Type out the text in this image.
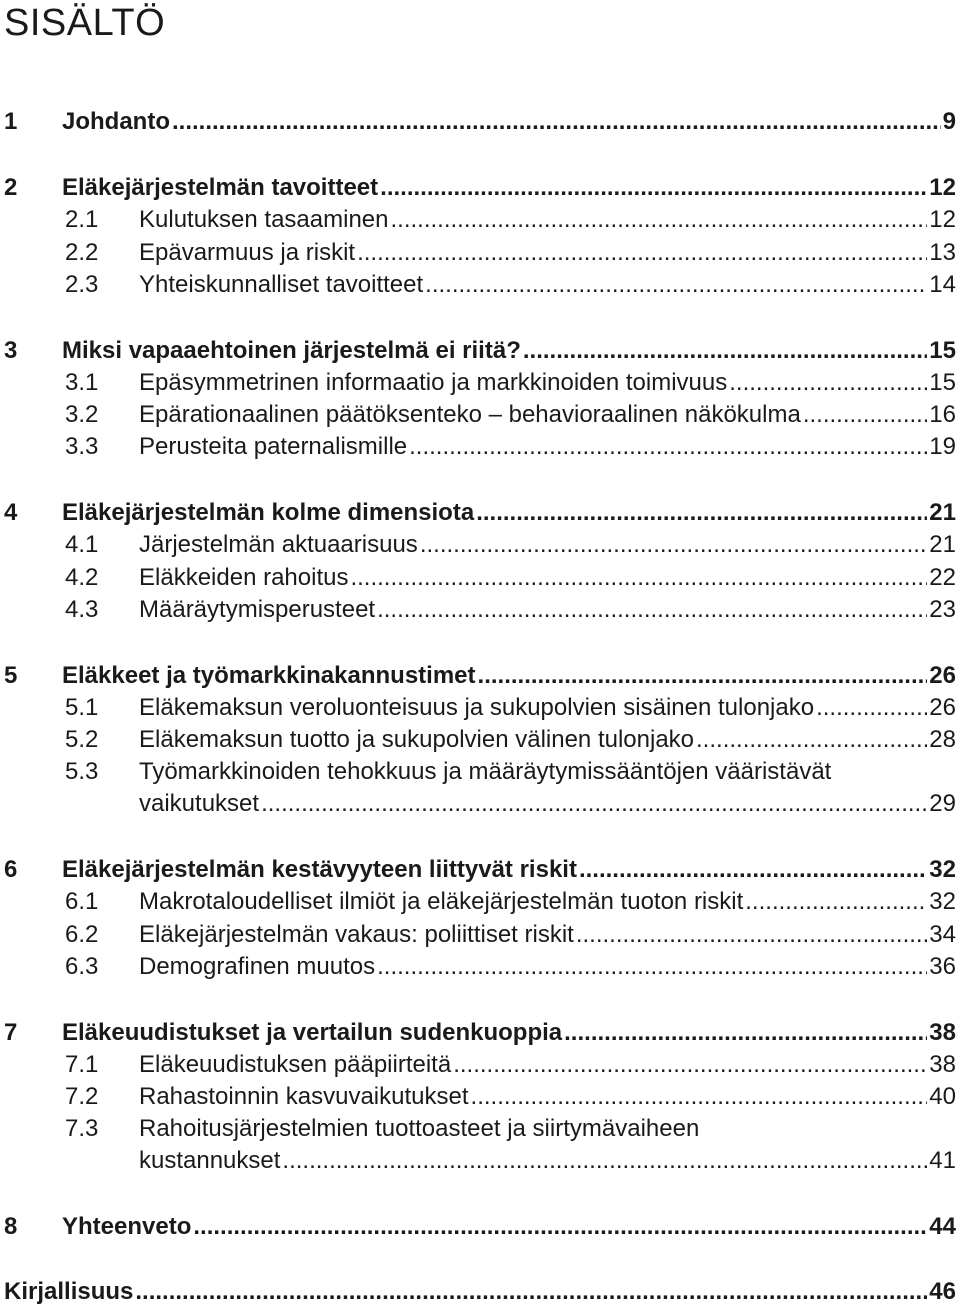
SISÄLTÖ
1 Johdanto .....	9
2 Eläkejärjestelmän tavoitteet .....	12
2.1 Kulutuksen tasaaminen .....	12
2.2 Epävarmuus ja riskit .....	13
2.3 Yhteiskunnalliset tavoitteet .....	14
3 Miksi vapaaehtoinen järjestelmä ei riitä? .....	15
3.1 Epäsymmetrinen informaatio ja markkinoiden toimivuus .....	15
3.2 Epärationaalinen päätöksenteko – behavioraalinen näkökulma .....	16
3.3 Perusteita paternalismille .....	19
4 Eläkejärjestelmän kolme dimensiota .....	21
4.1 Järjestelmän aktuaarisuus .....	21
4.2 Eläkkeiden rahoitus .....	22
4.3 Määräytymisperusteet .....	23
5 Eläkkeet ja työmarkkinakannustimet .....	26
5.1 Eläkemaksun veroluonteisuus ja sukupolvien sisäinen tulonjako .....	26
5.2 Eläkemaksun tuotto ja sukupolvien välinen tulonjako .....	28
5.3 Työmarkkinoiden tehokkuus ja määräytymissääntöjen vääristävät
vaikutukset .....	29
6 Eläkejärjestelmän kestävyyteen liittyvät riskit .....	32
6.1 Makrotaloudelliset ilmiöt ja eläkejärjestelmän tuoton riskit .....	32
6.2 Eläkejärjestelmän vakaus: poliittiset riskit .....	34
6.3 Demografinen muutos .....	36
7 Eläkeuudistukset ja vertailun sudenkuoppia .....	38
7.1 Eläkeuudistuksen pääpiirteitä .....	38
7.2 Rahastoinnin kasvuvaikutukset .....	40
7.3 Rahoitusjärjestelmien tuottoasteet ja siirtymävaiheen
kustannukset .....	41
8 Yhteenveto .....	44
Kirjallisuus .....	46
